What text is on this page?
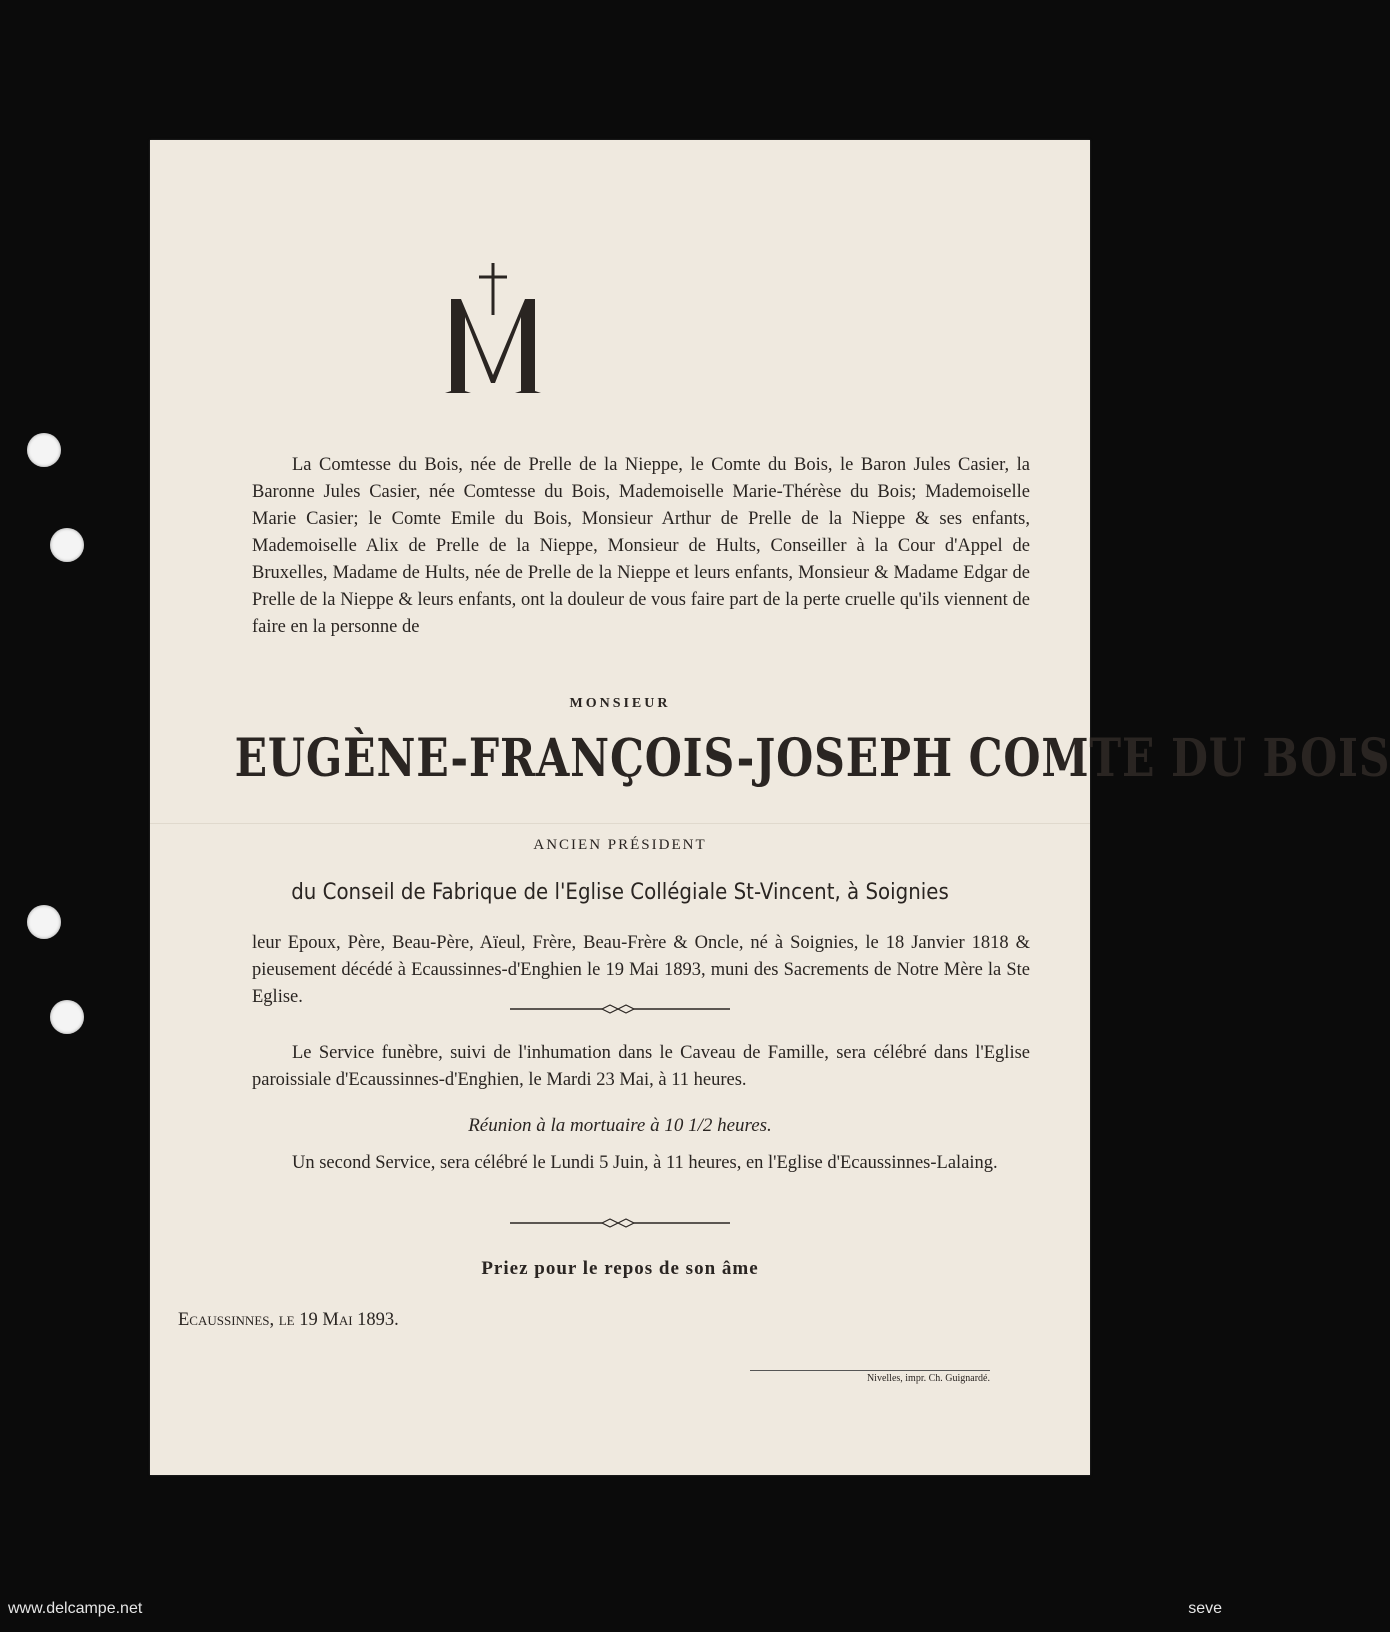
La Comtesse du Bois, née de Prelle de la Nieppe, le Comte du Bois, le Baron Jules Casier, la Baronne Jules Casier, née Comtesse du Bois, Mademoiselle Marie-Thérèse du Bois; Mademoiselle Marie Casier; le Comte Emile du Bois, Monsieur Arthur de Prelle de la Nieppe & ses enfants, Mademoiselle Alix de Prelle de la Nieppe, Monsieur de Hults, Conseiller à la Cour d'Appel de Bruxelles, Madame de Hults, née de Prelle de la Nieppe et leurs enfants, Monsieur & Madame Edgar de Prelle de la Nieppe & leurs enfants, ont la douleur de vous faire part de la perte cruelle qu'ils viennent de faire en la personne de
MONSIEUR
EUGÈNE-FRANÇOIS-JOSEPH COMTE DU BOIS
ANCIEN PRÉSIDENT
du Conseil de Fabrique de l'Eglise Collégiale St-Vincent, à Soignies
leur Epoux, Père, Beau-Père, Aïeul, Frère, Beau-Frère & Oncle, né à Soignies, le 18 Janvier 1818 & pieusement décédé à Ecaussinnes-d'Enghien le 19 Mai 1893, muni des Sacrements de Notre Mère la Ste Eglise.
Le Service funèbre, suivi de l'inhumation dans le Caveau de Famille, sera célébré dans l'Eglise paroissiale d'Ecaussinnes-d'Enghien, le Mardi 23 Mai, à 11 heures.
Réunion à la mortuaire à 10 1/2 heures.
Un second Service, sera célébré le Lundi 5 Juin, à 11 heures, en l'Eglise d'Ecaussinnes-Lalaing.
Priez pour le repos de son âme
Ecaussinnes, le 19 Mai 1893.
Nivelles, impr. Ch. Guignardé.
www.delcampe.net	seve
